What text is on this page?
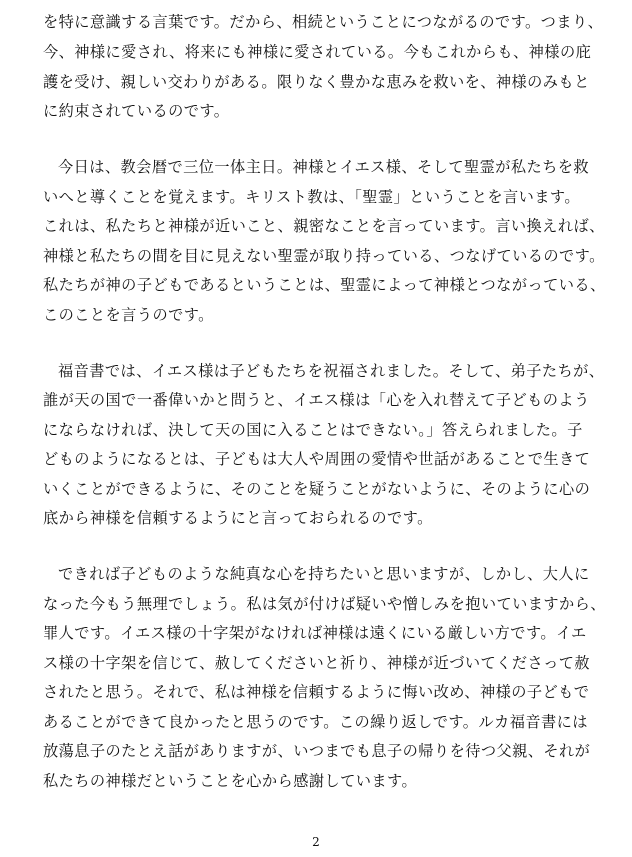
を特に意識する言葉です。だから、相続ということにつながるのです。つまり、
今、神様に愛され、将来にも神様に愛されている。今もこれからも、神様の庇
護を受け、親しい交わりがある。限りなく豊かな恵みを救いを、神様のみもと
に約束されているのです。
今日は、教会暦で三位一体主日。神様とイエス様、そして聖霊が私たちを救
いへと導くことを覚えます。キリスト教は、「聖霊」ということを言います。
これは、私たちと神様が近いこと、親密なことを言っています。言い換えれば、
神様と私たちの間を目に見えない聖霊が取り持っている、つなげているのです。
私たちが神の子どもであるということは、聖霊によって神様とつながっている、
このことを言うのです。
福音書では、イエス様は子どもたちを祝福されました。そして、弟子たちが、
誰が天の国で一番偉いかと問うと、イエス様は「心を入れ替えて子どものよう
にならなければ、決して天の国に入ることはできない。」答えられました。子
どものようになるとは、子どもは大人や周囲の愛情や世話があることで生きて
いくことができるように、そのことを疑うことがないように、そのように心の
底から神様を信頼するようにと言っておられるのです。
できれば子どものような純真な心を持ちたいと思いますが、しかし、大人に
なった今もう無理でしょう。私は気が付けば疑いや憎しみを抱いていますから、
罪人です。イエス様の十字架がなければ神様は遠くにいる厳しい方です。イエ
ス様の十字架を信じて、赦してくださいと祈り、神様が近づいてくださって赦
されたと思う。それで、私は神様を信頼するように悔い改め、神様の子どもで
あることができて良かったと思うのです。この繰り返しです。ルカ福音書には
放蕩息子のたとえ話がありますが、いつまでも息子の帰りを待つ父親、それが
私たちの神様だということを心から感謝しています。
2
